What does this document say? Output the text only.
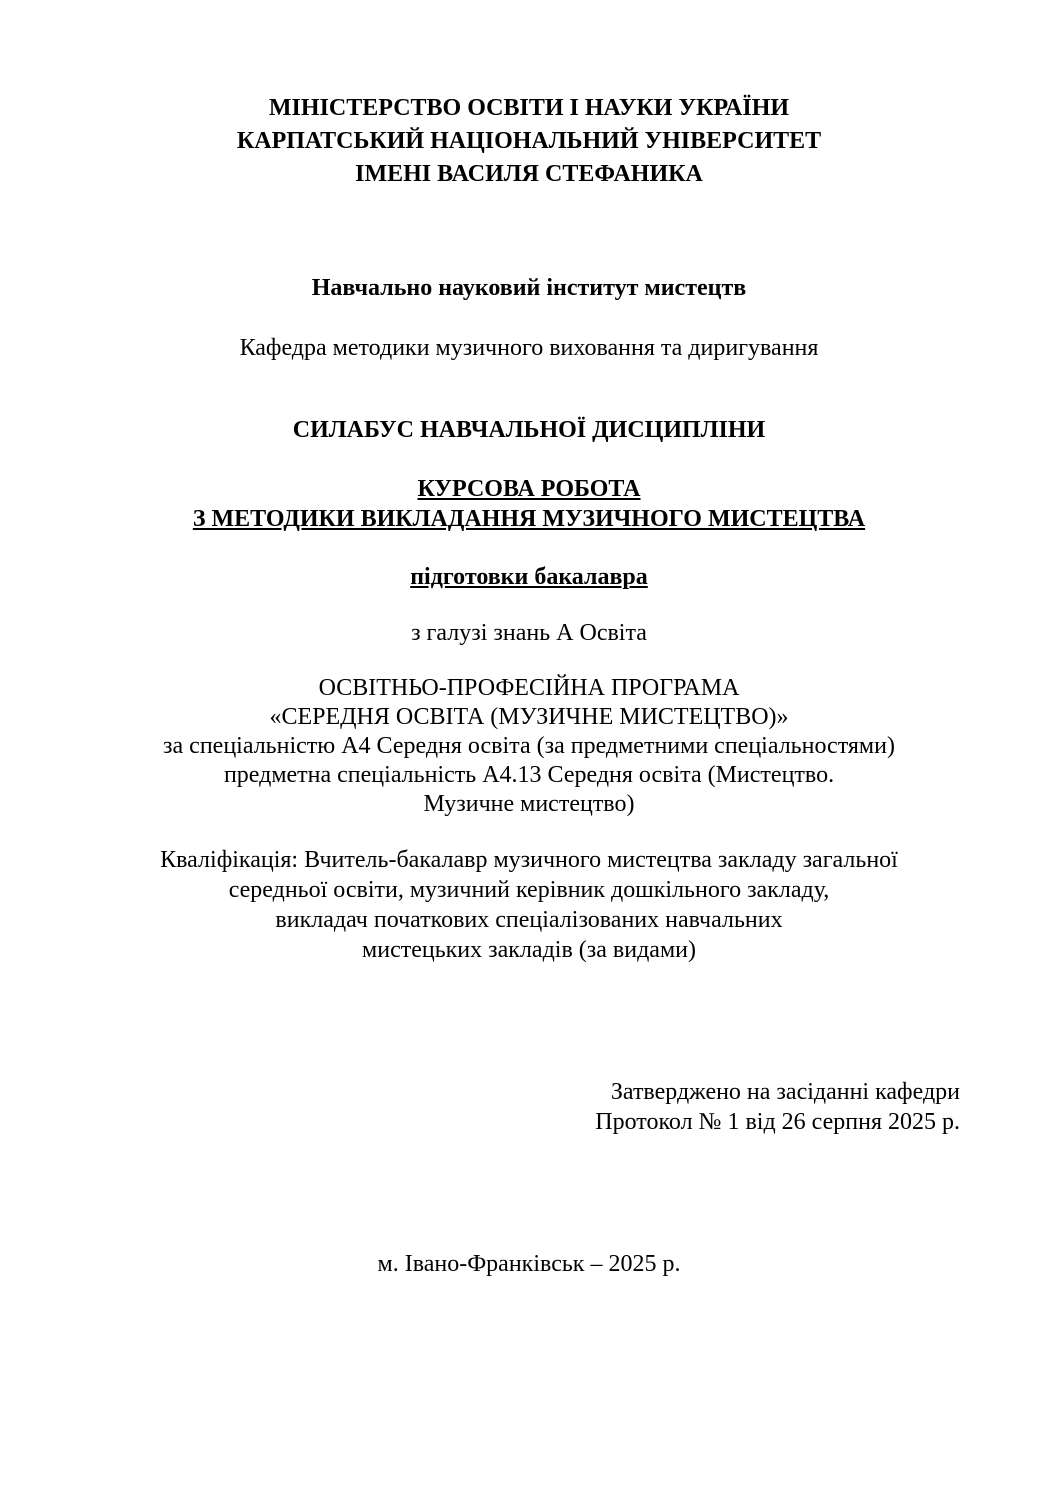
МІНІСТЕРСТВО ОСВІТИ І НАУКИ УКРАЇНИ
КАРПАТСЬКИЙ НАЦІОНАЛЬНИЙ УНІВЕРСИТЕТ
ІМЕНІ ВАСИЛЯ СТЕФАНИКА
Навчально науковий інститут мистецтв
Кафедра методики музичного виховання та диригування
СИЛАБУС НАВЧАЛЬНОЇ ДИСЦИПЛІНИ
КУРСОВА РОБОТА
З МЕТОДИКИ ВИКЛАДАННЯ МУЗИЧНОГО МИСТЕЦТВА
підготовки бакалавра
з галузі знань А Освіта
ОСВІТНЬО-ПРОФЕСІЙНА ПРОГРАМА
«СЕРЕДНЯ ОСВІТА (МУЗИЧНЕ МИСТЕЦТВО)»
за спеціальністю А4 Середня освіта (за предметними спеціальностями)
предметна спеціальність А4.13 Середня освіта (Мистецтво.
Музичне мистецтво)
Кваліфікація: Вчитель-бакалавр музичного мистецтва закладу загальної
середньої освіти, музичний керівник дошкільного закладу,
викладач початкових спеціалізованих навчальних
мистецьких закладів (за видами)
Затверджено на засіданні кафедри
Протокол № 1 від 26 серпня 2025 р.
м. Івано-Франківськ – 2025 р.
